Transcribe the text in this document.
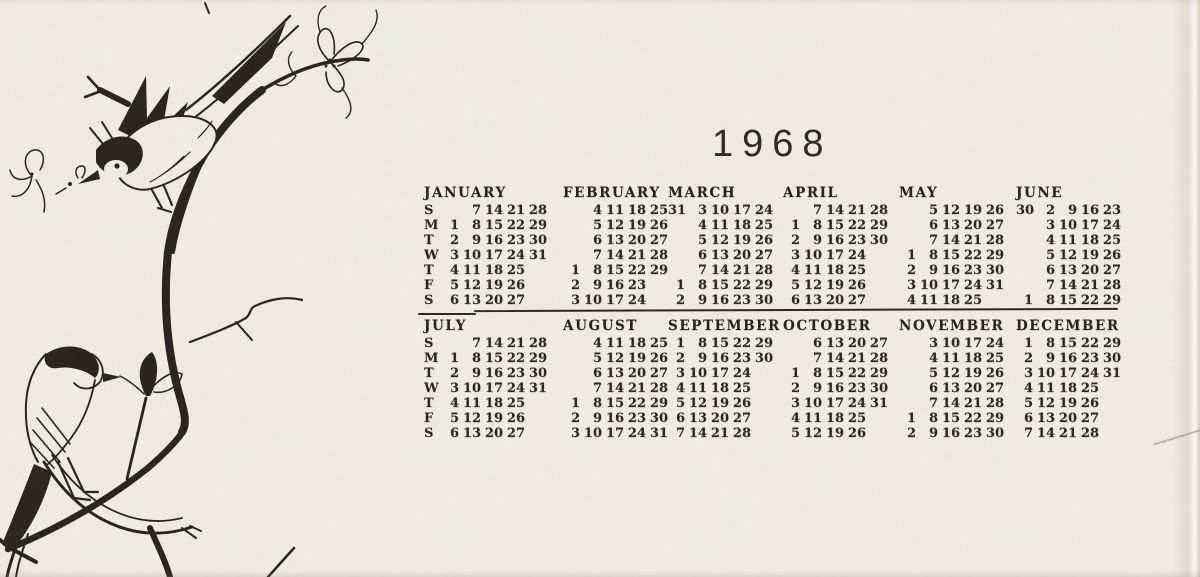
1968
JANUARY
S	7 14 21 28
M 1 8 15 22 29
T 2 9 16 23 30
W 3 10 17 24 31
T 4 11 18 25
F 5 12 19 26
S 6 13 20 27
FEBRUARY
4 11 18 25
5 12 19 26
6 13 20 27
7 14 21 28
1 8 15 22 29
2 9 16 23
3 10 17 24
MARCH
31 3 10 17 24
4 11 18 25
5 12 19 26
6 13 20 27
7 14 21 28
1 8 15 22 29
2 9 16 23 30
APRIL
7 14 21 28
1 8 15 22 29
2 9 16 23 30
3 10 17 24
4 11 18 25
5 12 19 26
6 13 20 27
MAY
5 12 19 26
6 13 20 27
7 14 21 28
1 8 15 22 29
2 9 16 23 30
3 10 17 24 31
4 11 18 25
JUNE
30 2 9 16 23
3 10 17 24
4 11 18 25
5 12 19 26
6 13 20 27
7 14 21 28
1 8 15 22 29
JULY
S	7 14 21 28
M 1 8 15 22 29
T 2 9 16 23 30
W 3 10 17 24 31
T 4 11 18 25
F 5 12 19 26
S 6 13 20 27
AUGUST
4 11 18 25
5 12 19 26
6 13 20 27
7 14 21 28
1 8 15 22 29
2 9 16 23 30
3 10 17 24 31
SEPTEMBER
1 8 15 22 29
2 9 16 23 30
3 10 17 24
4 11 18 25
5 12 19 26
6 13 20 27
7 14 21 28
OCTOBER
6 13 20 27
7 14 21 28
1 8 15 22 29
2 9 16 23 30
3 10 17 24 31
4 11 18 25
5 12 19 26
NOVEMBER
3 10 17 24
4 11 18 25
5 12 19 26
6 13 20 27
7 14 21 28
1 8 15 22 29
2 9 16 23 30
DECEMBER
1 8 15 22 29
2 9 16 23 30
3 10 17 24 31
4 11 18 25
5 12 19 26
6 13 20 27
7 14 21 28
